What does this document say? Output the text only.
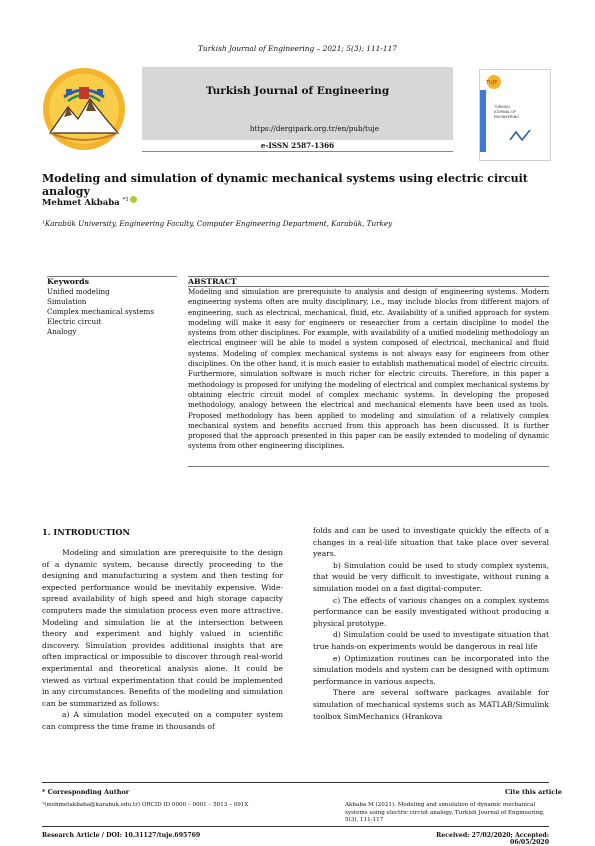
Turkish Journal of Engineering – 2021; 5(3); 111-117
Turkish Journal of Engineering
https://dergipark.org.tr/en/pub/tuje
TUJE
TURKISH
JOURNAL OF
ENGINEERING
e-ISSN 2587-1366
Modeling and simulation of dynamic mechanical systems using electric circuit analogy
Mehmet Akbaba $^{*1}$
¹Karabük University, Engineering Faculty, Computer Engineering Department, Karabük, Turkey
Keywords
Unified modeling
Simulation
Complex mechanical systems
Electric circuit
Analogy
ABSTRACT
Modeling and simulation are prerequisite to analysis and design of engineering systems. Modern engineering systems often are multy disciplinary, i.e., may include blocks from different majors of engineering, such as electrical, mechanical, fluid, etc. Availability of a unified approach for system modeling will make it easy for engineers or researcher from a certain discipline to model the systems from other disciplines. For example, with availability of a unified modeling methodology an electrical engineer will be able to model a system composed of electrical, mechanical and fluid systems. Modeling of complex mechanical systems is not always easy for engineers from other disciplines. On the other hand, it is much easier to establish mathematical model of electric circuits. Furthermore, simulation software is much richer for electric circuits. Therefore, in this paper a methodology is proposed for unifying the modeling of electrical and complex mechanical systems by obtaining electric circuit model of complex mechanic systems. In developing the proposed methodology, analogy between the electrical and mechanical elements have been used as tools. Proposed methodology has been applied to modeling and simulation of a relatively complex mechanical system and benefits accrued from this approach has been discussed. It is further proposed that the approach presented in this paper can be easily extended to modeling of dynamic systems from other engineering disciplines.
1. INTRODUCTION

Modeling and simulation are prerequisite to the design of a dynamic system, because directly proceeding to the designing and manufacturing a system and then testing for expected performance would be inevitably expensive. Wide-spread availability of high speed and high storage capacity computers made the simulation process even more attractive. Modeling and simulation lie at the intersection between theory and experiment and highly valued in scientific discovery. Simulation provides additional insights that are often impractical or impossible to discover through real-world experimental and theoretical analysis alone. It could be viewed as virtual experimentation that could be implemented in any circumstances. Benefits of the modeling and simulation can be summarized as follows:

a) A simulation model executed on a computer system can compress the time frame in thousands of

folds and can be used to investigate quickly the effects of a changes in a real-life situation that take place over several years.

b) Simulation could be used to study complex systems, that would be very difficult to investigate, without runing a simulation model on a fast digital-computer.

c) The effects of various changes on a complex systems performance can be easily investigated without producing a physical prototype.

d) Simulation could be used to investigate situation that true hands-on experiments would be dangerous in real life

e) Optimization routines can be incorporated into the simulation models and system can be designed with optimum performance in various aspects.

There are several software packages available for simulation of mechanical systems such as MATLAB/Simulink toolbox SimMechanics (Hrankova

* Corresponding Author	Cite this article
¹(mehmetakbaba@karabuk.edu.tr) ORCID ID 0000 – 0001 – 5013 – 091X	Akbaba M (2021). Modeling and simulation of dynamic mechanical systems using electric circuit analogy. Turkish Journal of Engineering, 5(3), 111-117
Research Article / DOI: 10.31127/tuje.695769	Received: 27/02/2020; Accepted: 06/05/2020
